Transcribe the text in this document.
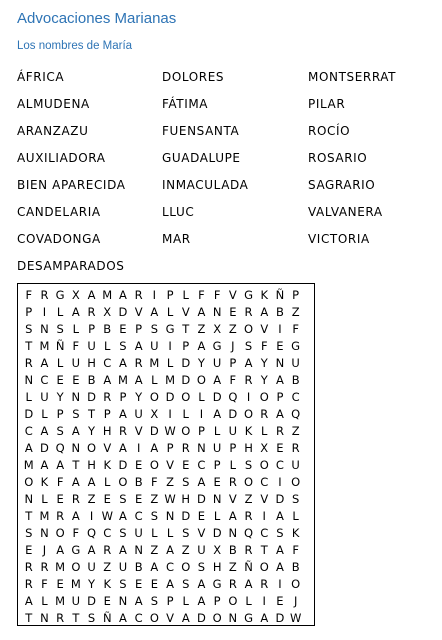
Advocaciones Marianas
Los nombres de María
ÁFRICA	DOLORES	MONTSERRAT
ALMUDENA	FÁTIMA	PILAR
ARANZAZU	FUENSANTA	ROCÍO
AUXILIADORA	GUADALUPE	ROSARIO
BIEN APARECIDA	INMACULADA	SAGRARIO
CANDELARIA	LLUC	VALVANERA
COVADONGA	MAR	VICTORIA
DESAMPARADOS
F R G X A M A R I P L F F V G K Ñ P
P I L A R X D V A L V A N E R A B Z
S N S L P B E P S G T Z X Z O V I F
T M Ñ F U L S A U I P A G J S F E G
R A L U H C A R M L D Y U P A Y N U
N C E E B A M A L M D O A F R Y A B
L U Y N D R P Y O D O L D Q I O P C
D L P S T P A U X I L I A D O R A Q
C A S A Y H R V D W O P L U K L R Z
A D Q N O V A I A P R N U P H X E R
M A A T H K D E O V E C P L S O C U
O K F A A L O B F Z S A E R O C I O
N L E R Z E S E Z W H D N V Z V D S
T M R A I W A C S N D E L A R I A L
S N O F Q C S U L L S V D N Q C S K
E J A G A R A N Z A Z U X B R T A F
R R M O U Z U B A C O S H Z Ñ O A B
R F E M Y K S E E A S A G R A R I O
A L M U D E N A S P L A P O L I E J
T N R T S Ñ A C O V A D O N G A D W
